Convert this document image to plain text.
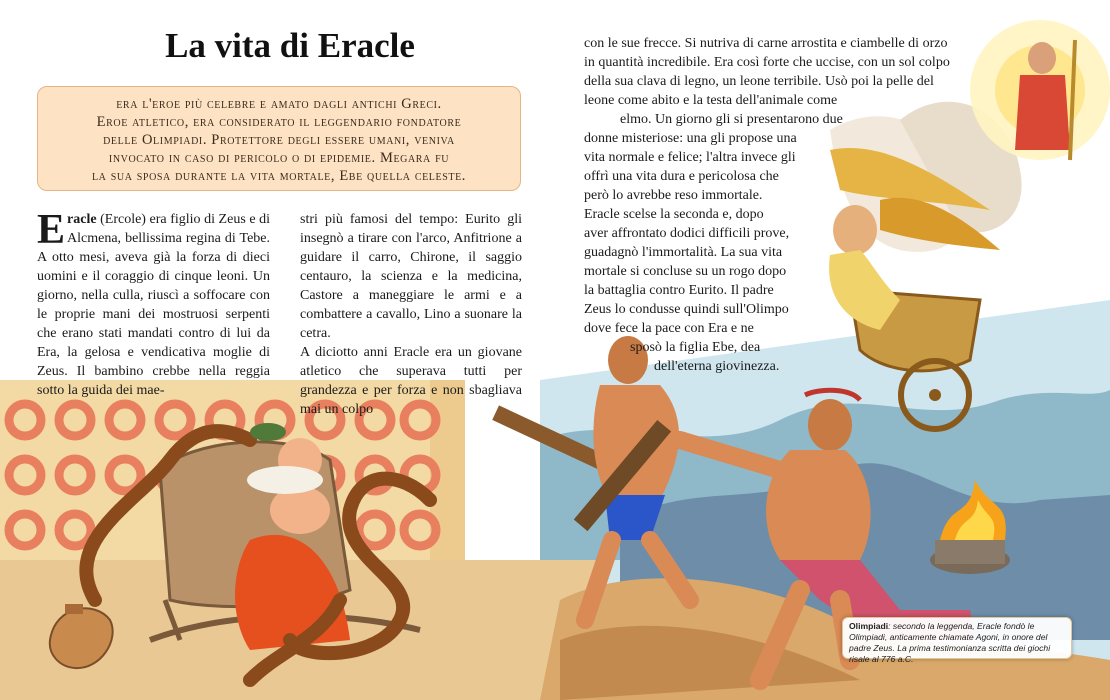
La vita di Eracle

era l'eroe più celebre e amato dagli antichi Greci.

Eroe atletico, era considerato il leggendario fondatore

delle Olimpiadi. Protettore degli essere umani, veniva

invocato in caso di pericolo o di epidemie. Megara fu

la sua sposa durante la vita mortale, Ebe quella celeste.

Eracle (Ercole) era figlio di Zeus e di Alcmena, bellissima regina di Tebe. A otto mesi, aveva già la forza di dieci uomini e il coraggio di cinque leoni. Un giorno, nella culla, riuscì a soffocare con le proprie mani dei mostruosi serpenti che erano stati mandati contro di lui da Era, la gelosa e vendicativa moglie di Zeus. Il bambino crebbe nella reggia sotto la guida dei mae-

stri più famosi del tempo: Eurito gli insegnò a tirare con l'arco, Anfitrione a guidare il carro, Chirone, il saggio centauro, la scienza e la medicina, Castore a maneggiare le armi e a combattere a cavallo, Lino a suonare la cetra.

A diciotto anni Eracle era un giovane atletico che superava tutti per grandezza e per forza e non sbagliava mai un colpo

con le sue frecce. Si nutriva di carne arrostita e ciambelle di orzo
in quantità incredibile. Era così forte che uccise, con un sol colpo
della sua clava di legno, un leone terribile. Usò poi la pelle del
leone come abito e la testa dell'animale come
elmo. Un giorno gli si presentarono due
donne misteriose: una gli propose una
vita normale e felice; l'altra invece gli
offrì una vita dura e pericolosa che
però lo avrebbe reso immortale.
Eracle scelse la seconda e, dopo
aver affrontato dodici difficili prove,
guadagnò l'immortalità. La sua vita
mortale si concluse su un rogo dopo
la battaglia contro Eurito. Il padre
Zeus lo condusse quindi sull'Olimpo
dove fece la pace con Era e ne
sposò la figlia Ebe, dea
dell'eterna giovinezza.
Olimpiadi: secondo la leggenda, Eracle fondò le Olimpiadi, anticamente chiamate Agoni, in onore del padre Zeus. La prima testimonianza scritta dei giochi risale al 776 a.C.
